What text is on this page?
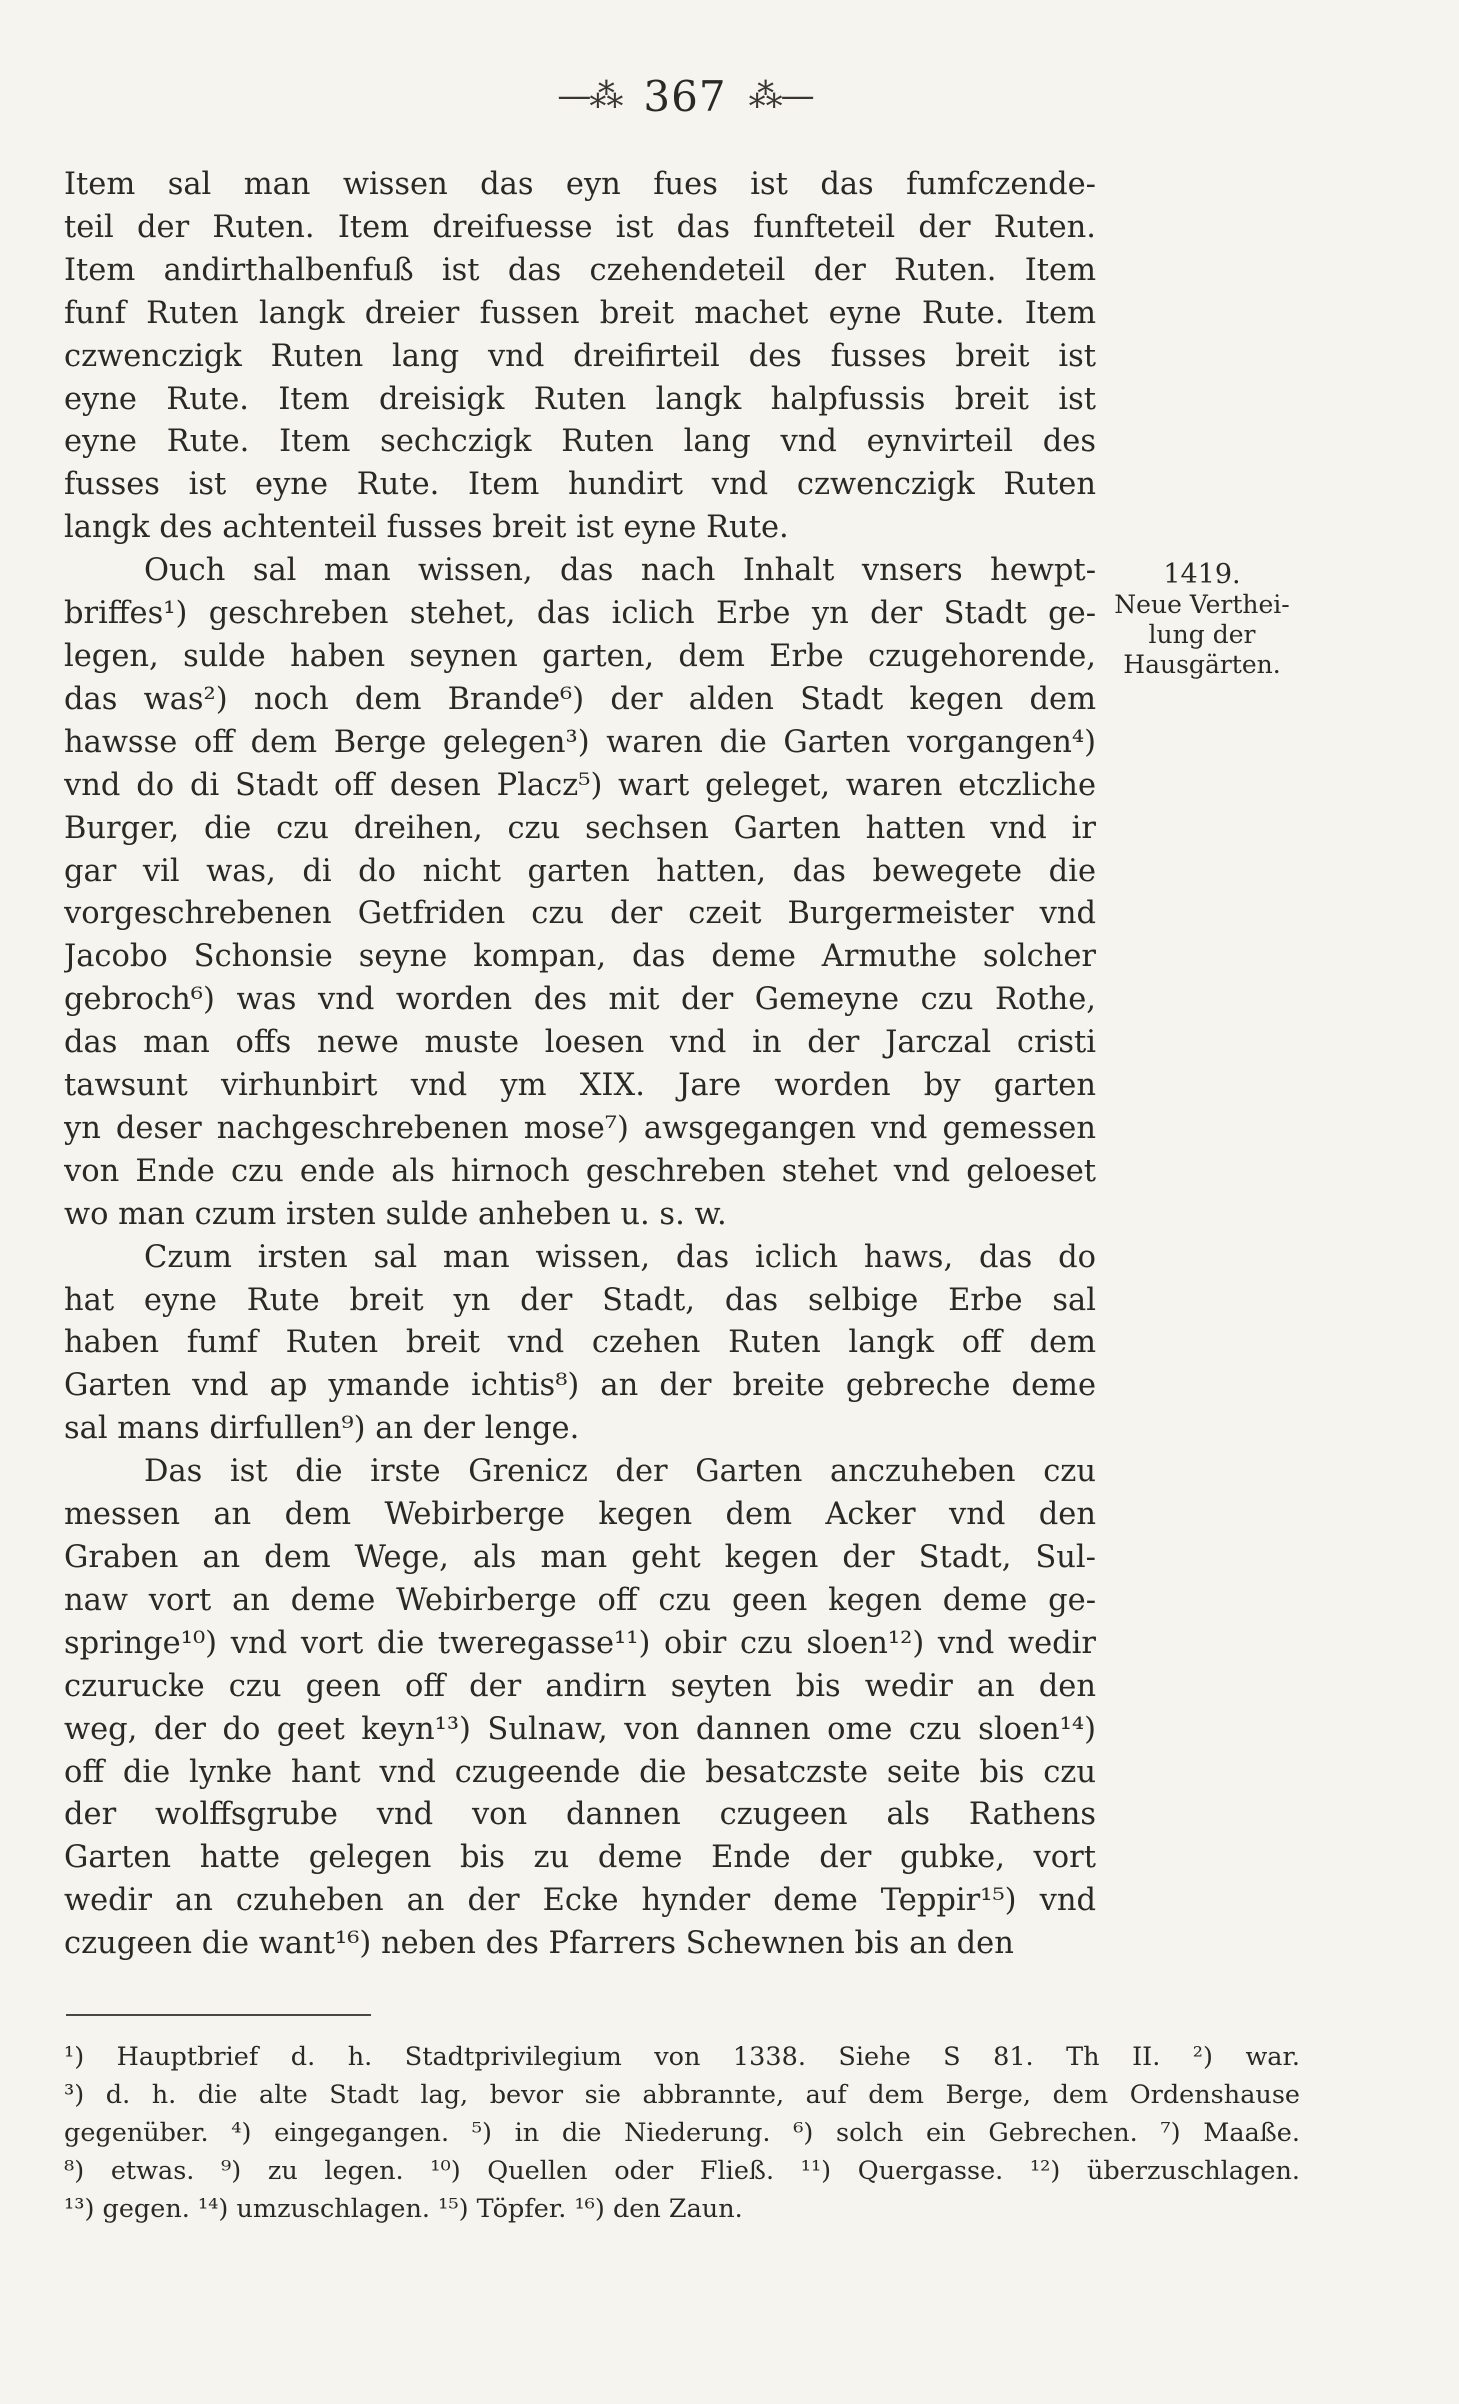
—⁂ 367 ⁂—
Item sal man wissen das eyn fues ist das fumfczende-
teil der Ruten. Item dreifuesse ist das funfteteil der Ruten.
Item andirthalbenfuß ist das czehendeteil der Ruten. Item
funf Ruten langk dreier fussen breit machet eyne Rute. Item
czwenczigk Ruten lang vnd dreifirteil des fusses breit ist
eyne Rute. Item dreisigk Ruten langk halpfussis breit ist
eyne Rute. Item sechczigk Ruten lang vnd eynvirteil des
fusses ist eyne Rute. Item hundirt vnd czwenczigk Ruten
langk des achtenteil fusses breit ist eyne Rute.
Ouch sal man wissen, das nach Inhalt vnsers hewpt-
briffes¹) geschreben stehet, das iclich Erbe yn der Stadt ge-
legen, sulde haben seynen garten, dem Erbe czugehorende,
das was²) noch dem Brande⁶) der alden Stadt kegen dem
hawsse off dem Berge gelegen³) waren die Garten vorgangen⁴)
vnd do di Stadt off desen Placz⁵) wart geleget, waren etczliche
Burger, die czu dreihen, czu sechsen Garten hatten vnd ir
gar vil was, di do nicht garten hatten, das bewegete die
vorgeschrebenen Getfriden czu der czeit Burgermeister vnd
Jacobo Schonsie seyne kompan, das deme Armuthe solcher
gebroch⁶) was vnd worden des mit der Gemeyne czu Rothe,
das man offs newe muste loesen vnd in der Jarczal cristi
tawsunt virhunbirt vnd ym XIX. Jare worden by garten
yn deser nachgeschrebenen mose⁷) awsgegangen vnd gemessen
von Ende czu ende als hirnoch geschreben stehet vnd geloeset
wo man czum irsten sulde anheben u. s. w.
Czum irsten sal man wissen, das iclich haws, das do
hat eyne Rute breit yn der Stadt, das selbige Erbe sal
haben fumf Ruten breit vnd czehen Ruten langk off dem
Garten vnd ap ymande ichtis⁸) an der breite gebreche deme
sal mans dirfullen⁹) an der lenge.
Das ist die irste Grenicz der Garten anczuheben czu
messen an dem Webirberge kegen dem Acker vnd den
Graben an dem Wege, als man geht kegen der Stadt, Sul-
naw vort an deme Webirberge off czu geen kegen deme ge-
springe¹⁰) vnd vort die tweregasse¹¹) obir czu sloen¹²) vnd wedir
czurucke czu geen off der andirn seyten bis wedir an den
weg, der do geet keyn¹³) Sulnaw, von dannen ome czu sloen¹⁴)
off die lynke hant vnd czugeende die besatczste seite bis czu
der wolffsgrube vnd von dannen czugeen als Rathens
Garten hatte gelegen bis zu deme Ende der gubke, vort
wedir an czuheben an der Ecke hynder deme Teppir¹⁵) vnd
czugeen die want¹⁶) neben des Pfarrers Schewnen bis an den
1419.
Neue Verthei-
lung der
Hausgärten.
¹) Hauptbrief d. h. Stadtprivilegium von 1338. Siehe S 81. Th II. ²) war.
³) d. h. die alte Stadt lag, bevor sie abbrannte, auf dem Berge, dem Ordenshause
gegenüber. ⁴) eingegangen. ⁵) in die Niederung. ⁶) solch ein Gebrechen. ⁷) Maaße.
⁸) etwas. ⁹) zu legen. ¹⁰) Quellen oder Fließ. ¹¹) Quergasse. ¹²) überzuschlagen.
¹³) gegen. ¹⁴) umzuschlagen. ¹⁵) Töpfer. ¹⁶) den Zaun.
